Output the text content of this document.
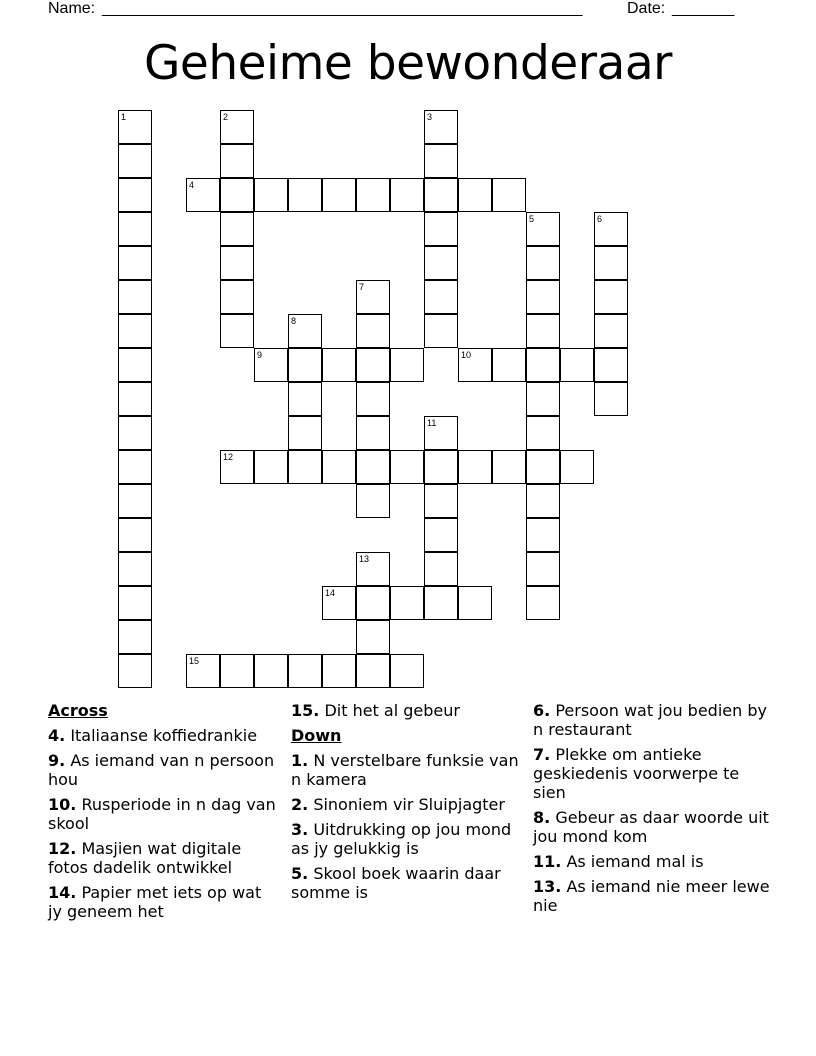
Name: ______________________________________________________	Date: _______
Geheime bewonderaar
1	2	3
4
5	6
7
8
9	10
11
12
13
14
15
Across
4. Italiaanse koffiedrankie
9. As iemand van n persoon hou
10. Rusperiode in n dag van skool
12. Masjien wat digitale fotos dadelik ontwikkel
14. Papier met iets op wat jy geneem het
15. Dit het al gebeur
Down
1. N verstelbare funksie van n kamera
2. Sinoniem vir Sluipjagter
3. Uitdrukking op jou mond as jy gelukkig is
5. Skool boek waarin daar somme is
6. Persoon wat jou bedien by n restaurant
7. Plekke om antieke geskiedenis voorwerpe te sien
8. Gebeur as daar woorde uit jou mond kom
11. As iemand mal is
13. As iemand nie meer lewe nie
